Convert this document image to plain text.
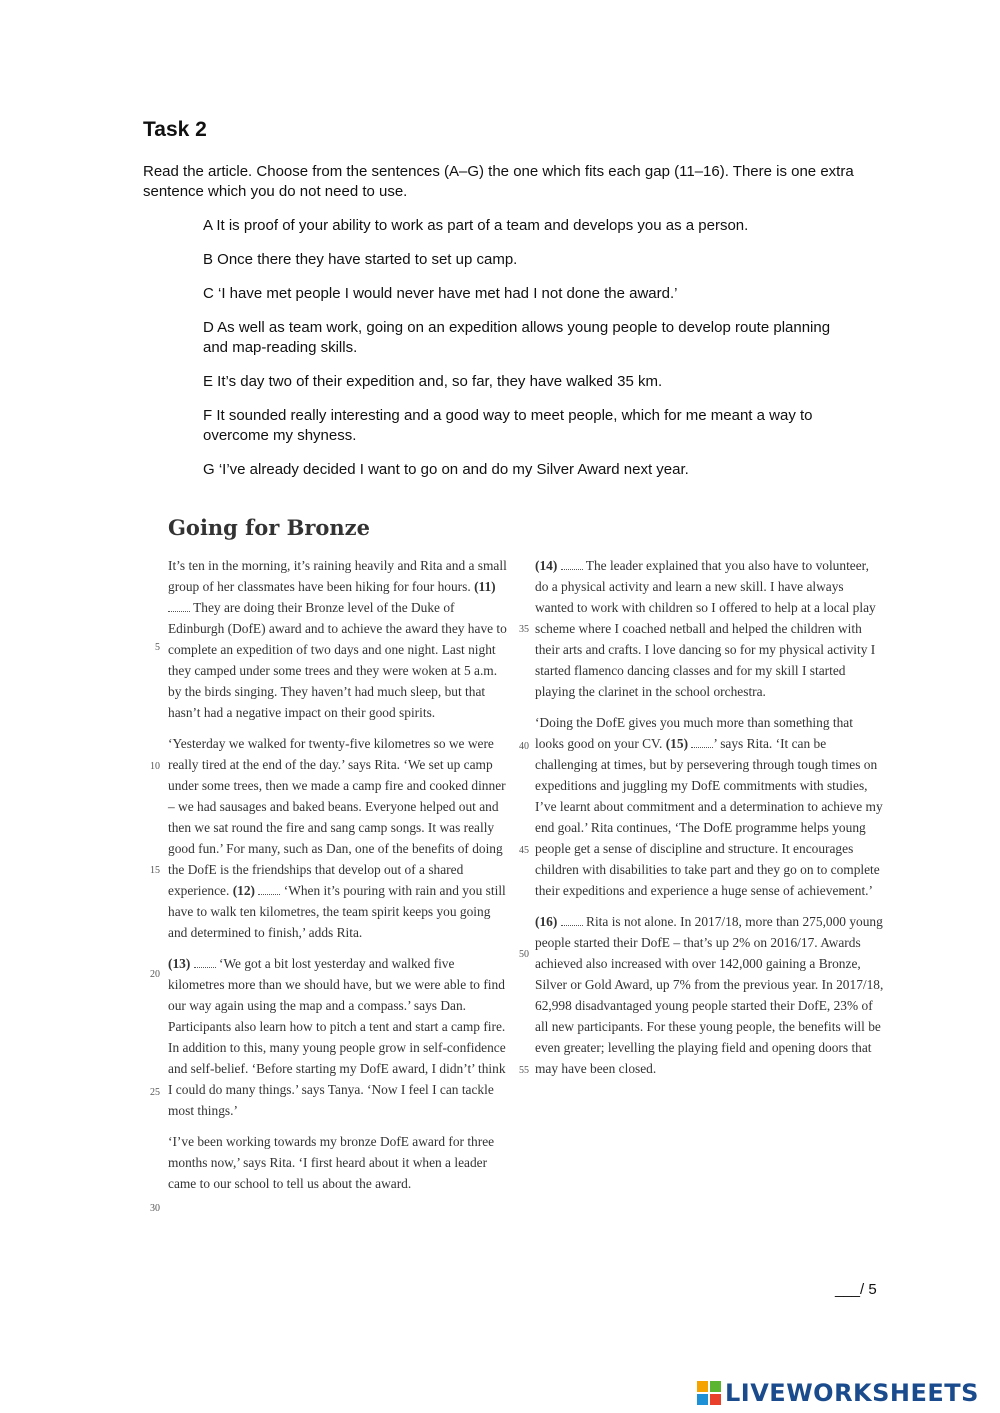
Task 2
Read the article. Choose from the sentences (A–G) the one which fits each gap (11–16). There is one extra sentence which you do not need to use.
A It is proof of your ability to work as part of a team and develops you as a person.
B Once there they have started to set up camp.
C ‘I have met people I would never have met had I not done the award.’
D As well as team work, going on an expedition allows young people to develop route planning and map-reading skills.
E It’s day two of their expedition and, so far, they have walked 35 km.
F It sounded really interesting and a good way to meet people, which for me meant a way to overcome my shyness.
G ‘I’ve already decided I want to go on and do my Silver Award next year.
Going for Bronze

It’s ten in the morning, it’s raining heavily and Rita and a small group of her classmates have been hiking for four hours. (11)  They are doing their Bronze level of the Duke of Edinburgh (DofE) award and to achieve the award they have to complete an expedition of two days and one night. Last night they camped under some trees and they were woken at 5 a.m. by the birds singing. They haven’t had much sleep, but that hasn’t had a negative impact on their good spirits.

‘Yesterday we walked for twenty-five kilometres so we were really tired at the end of the day.’ says Rita. ‘We set up camp under some trees, then we made a camp fire and cooked dinner – we had sausages and baked beans. Everyone helped out and then we sat round the fire and sang camp songs. It was really good fun.’ For many, such as Dan, one of the benefits of doing the DofE is the friendships that develop out of a shared experience. (12) ‘When it’s pouring with rain and you still have to walk ten kilometres, the team spirit keeps you going and determined to finish,’ adds Rita.

(13) ‘We got a bit lost yesterday and walked five kilometres more than we should have, but we were able to find our way again using the map and a compass.’ says Dan. Participants also learn how to pitch a tent and start a camp fire. In addition to this, many young people grow in self-confidence and self-belief. ‘Before starting my DofE award, I didn’t’ think I could do many things.’ says Tanya. ‘Now I feel I can tackle most things.’

‘I’ve been working towards my bronze DofE award for three months now,’ says Rita. ‘I first heard about it when a leader came to our school to tell us about the award.

(14) The leader explained that you also have to volunteer, do a physical activity and learn a new skill. I have always wanted to work with children so I offered to help at a local play scheme where I coached netball and helped the children with their arts and crafts. I love dancing so for my physical activity I started flamenco dancing classes and for my skill I started playing the clarinet in the school orchestra.

‘Doing the DofE gives you much more than something that looks good on your CV. (15) ’ says Rita. ‘It can be challenging at times, but by persevering through tough times on expeditions and juggling my DofE commitments with studies, I’ve learnt about commitment and a determination to achieve my end goal.’ Rita continues, ‘The DofE programme helps young people get a sense of discipline and structure. It encourages children with disabilities to take part and they go on to complete their expeditions and experience a huge sense of achievement.’

(16) Rita is not alone. In 2017/18, more than 275,000 young people started their DofE – that’s up 2% on 2016/17. Awards achieved also increased with over 142,000 gaining a Bronze, Silver or Gold Award, up 7% from the previous year. In 2017/18, 62,998 disadvantaged young people started their DofE, 23% of all new participants. For these young people, the benefits will be even greater; levelling the playing field and opening doors that may have been closed.

5
10
15
20
25
30
35
40
45
50
55
___/ 5
LIVEWORKSHEETS
